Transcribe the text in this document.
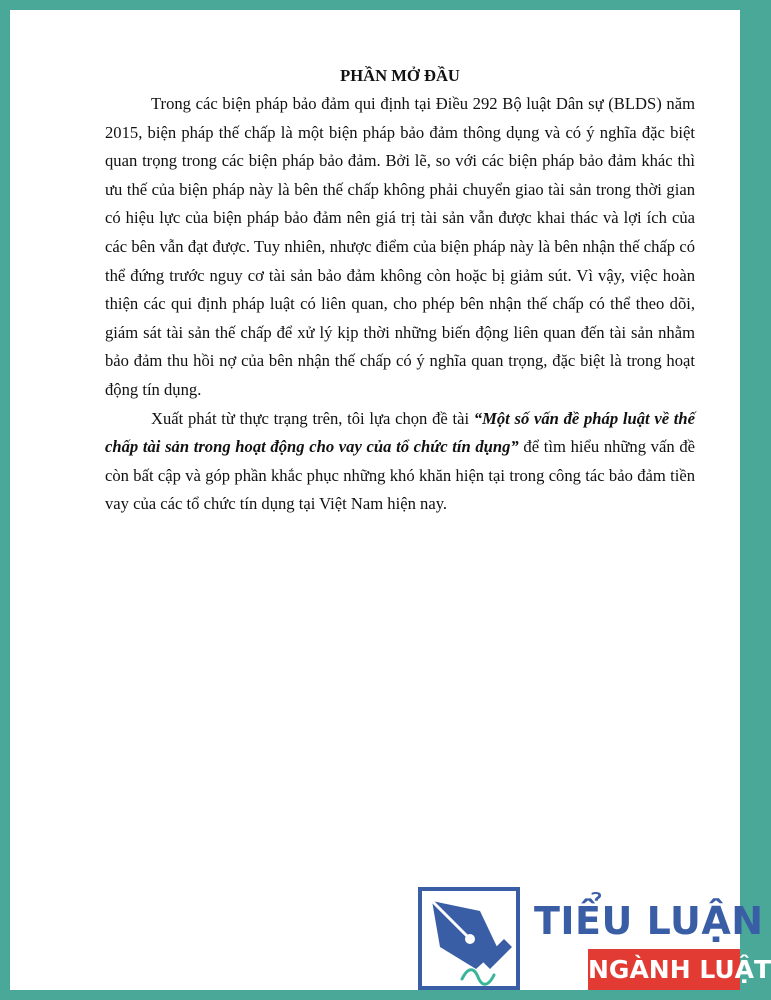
PHẦN MỞ ĐẦU

Trong các biện pháp bảo đảm qui định tại Điều 292 Bộ luật Dân sự (BLDS) năm 2015, biện pháp thế chấp là một biện pháp bảo đảm thông dụng và có ý nghĩa đặc biệt quan trọng trong các biện pháp bảo đảm. Bởi lẽ, so với các biện pháp bảo đảm khác thì ưu thế của biện pháp này là bên thế chấp không phải chuyển giao tài sản trong thời gian có hiệu lực của biện pháp bảo đảm nên giá trị tài sản vẫn được khai thác và lợi ích của các bên vẫn đạt được. Tuy nhiên, nhược điểm của biện pháp này là bên nhận thế chấp có thể đứng trước nguy cơ tài sản bảo đảm không còn hoặc bị giảm sút. Vì vậy, việc hoàn thiện các qui định pháp luật có liên quan, cho phép bên nhận thế chấp có thể theo dõi, giám sát tài sản thế chấp để xử lý kịp thời những biến động liên quan đến tài sản nhằm bảo đảm thu hồi nợ của bên nhận thế chấp có ý nghĩa quan trọng, đặc biệt là trong hoạt động tín dụng.

Xuất phát từ thực trạng trên, tôi lựa chọn đề tài “Một số vấn đề pháp luật về thế chấp tài sản trong hoạt động cho vay của tổ chức tín dụng” để tìm hiểu những vấn đề còn bất cập và góp phần khắc phục những khó khăn hiện tại trong công tác bảo đảm tiền vay của các tổ chức tín dụng tại Việt Nam hiện nay.

TIỂU LUẬN
NGÀNH LUẬT
